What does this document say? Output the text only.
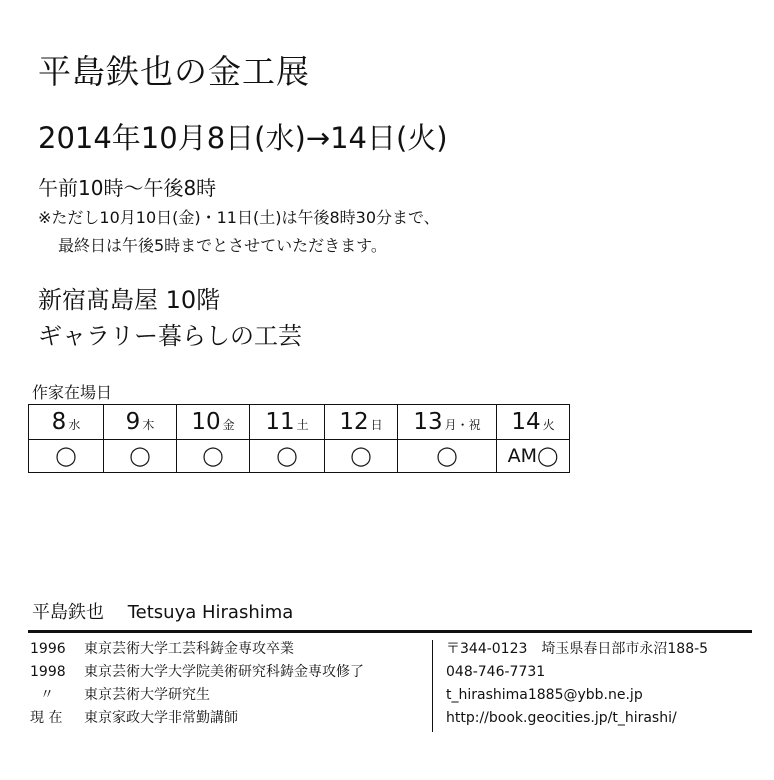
平島鉄也の金工展
2014年10月8日(水)→14日(火)
午前10時～午後8時
※ただし10月10日(金)・11日(土)は午後8時30分まで、
最終日は午後5時までとさせていただきます。
新宿髙島屋 10階
ギャラリー暮らしの工芸
作家在場日
8 水	9 木	10 金	11 土	12 日	13 月・祝	14 火
◯	◯	◯	◯	◯	◯	AM◯
平島鉄也　 Tetsuya Hirashima
1996 東京芸術大学工芸科鋳金専攻卒業
1998 東京芸術大学大学院美術研究科鋳金専攻修了
〃 東京芸術大学研究生
現 在 東京家政大学非常勤講師
〒344-0123　埼玉県春日部市永沼188-5
048-746-7731
t_hirashima1885@ybb.ne.jp
http://book.geocities.jp/t_hirashi/
